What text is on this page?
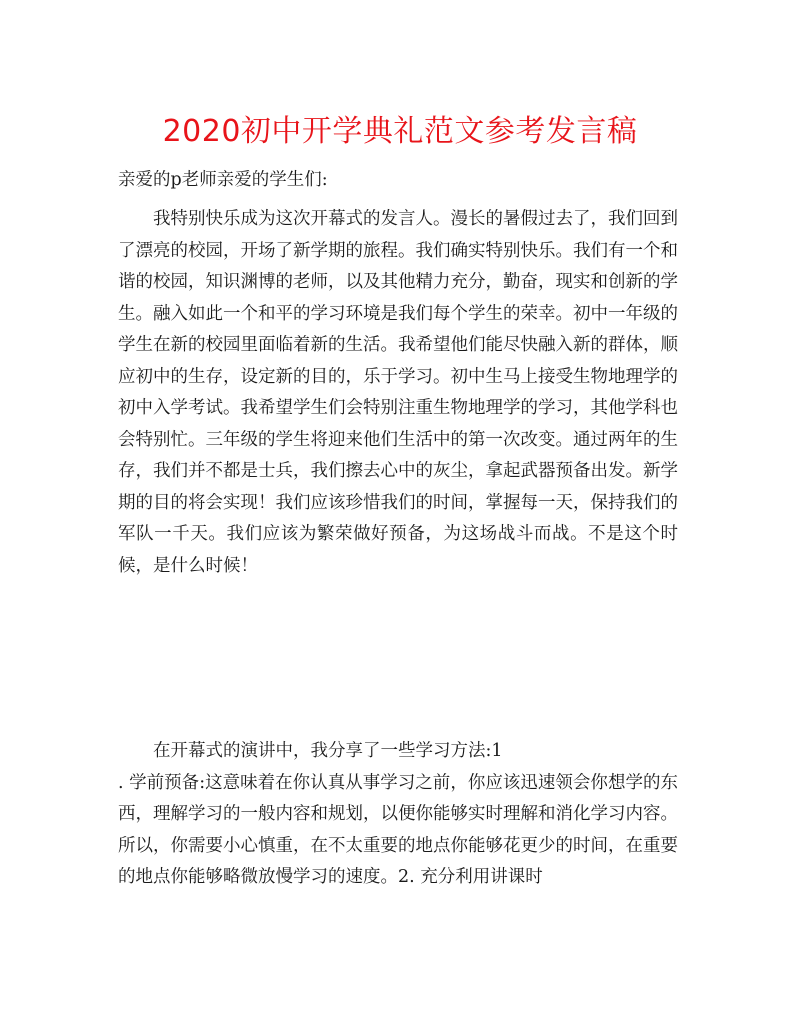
2020初中开学典礼范文参考发言稿
亲爱的p老师亲爱的学生们:
我特别快乐成为这次开幕式的发言人。漫长的暑假过去了，我们回到了漂亮的校园，开场了新学期的旅程。我们确实特别快乐。我们有一个和谐的校园，知识渊博的老师，以及其他精力充分，勤奋，现实和创新的学生。融入如此一个和平的学习环境是我们每个学生的荣幸。初中一年级的学生在新的校园里面临着新的生活。我希望他们能尽快融入新的群体，顺应初中的生存，设定新的目的，乐于学习。初中生马上接受生物地理学的初中入学考试。我希望学生们会特别注重生物地理学的学习，其他学科也会特别忙。三年级的学生将迎来他们生活中的第一次改变。通过两年的生存，我们并不都是士兵，我们擦去心中的灰尘，拿起武器预备出发。新学期的目的将会实现！我们应该珍惜我们的时间，掌握每一天，保持我们的军队一千天。我们应该为繁荣做好预备，为这场战斗而战。不是这个时候，是什么时候！
在开幕式的演讲中，我分享了一些学习方法:1
. 学前预备:这意味着在你认真从事学习之前，你应该迅速领会你想学的东西，理解学习的一般内容和规划，以便你能够实时理解和消化学习内容。所以，你需要小心慎重，在不太重要的地点你能够花更少的时间，在重要的地点你能够略微放慢学习的速度。2. 充分利用讲课时
